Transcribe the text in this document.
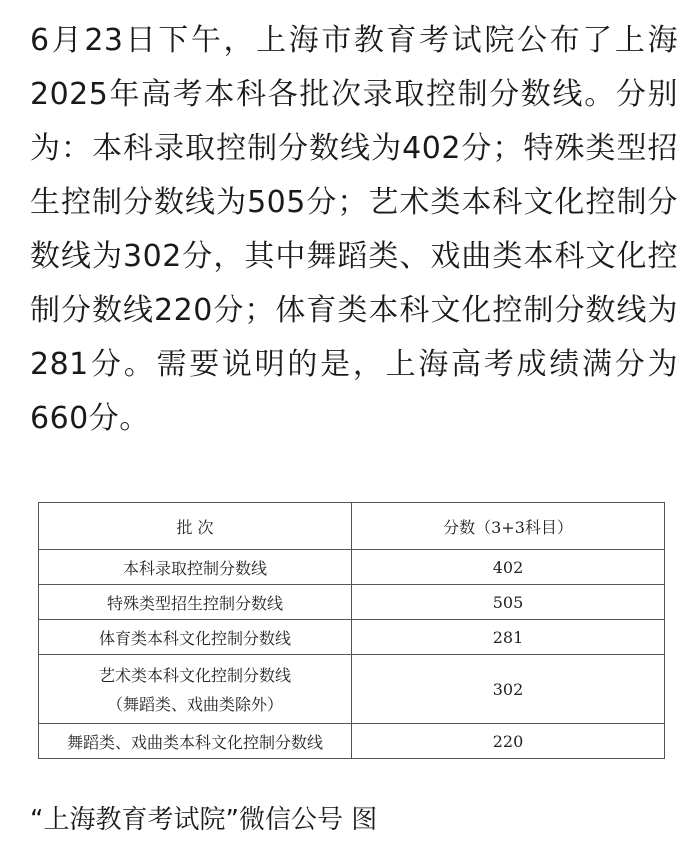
6月23日下午，上海市教育考试院公布了上海2025年高考本科各批次录取控制分数线。分别为：本科录取控制分数线为402分；特殊类型招生控制分数线为505分；艺术类本科文化控制分数线为302分，其中舞蹈类、戏曲类本科文化控制分数线220分；体育类本科文化控制分数线为281分。需要说明的是，上海高考成绩满分为660分。

批 次	分数（3+3科目）
本科录取控制分数线	402
特殊类型招生控制分数线	505
体育类本科文化控制分数线	281
艺术类本科文化控制分数线
（舞蹈类、戏曲类除外）	302
舞蹈类、戏曲类本科文化控制分数线	220
“上海教育考试院”微信公号 图
